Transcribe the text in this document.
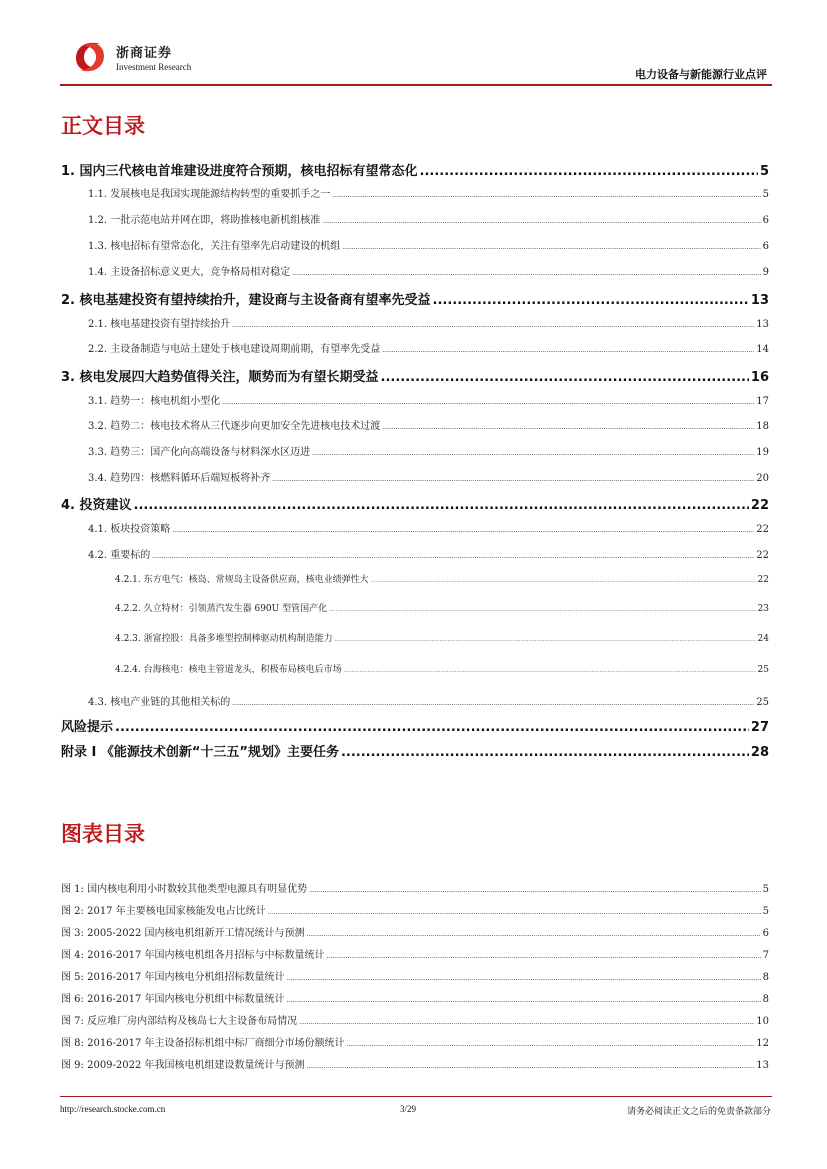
浙商证券
Investment Research
电力设备与新能源行业点评
正文目录
1. 国内三代核电首堆建设进度符合预期，核电招标有望常态化 .....	5
1.1. 发展核电是我国实现能源结构转型的重要抓手之一 .....	5
1.2. 一批示范电站并网在即，将助推核电新机组核准 .....	6
1.3. 核电招标有望常态化，关注有望率先启动建设的机组 .....	6
1.4. 主设备招标意义更大，竞争格局相对稳定 .....	9
2. 核电基建投资有望持续抬升，建设商与主设备商有望率先受益 .....	13
2.1. 核电基建投资有望持续抬升 .....	13
2.2. 主设备制造与电站土建处于核电建设周期前期，有望率先受益 .....	14
3. 核电发展四大趋势值得关注，顺势而为有望长期受益 .....	16
3.1. 趋势一：核电机组小型化 .....	17
3.2. 趋势二：核电技术将从三代逐步向更加安全先进核电技术过渡 .....	18
3.3. 趋势三：国产化向高端设备与材料深水区迈进 .....	19
3.4. 趋势四：核燃料循环后端短板将补齐 .....	20
4. 投资建议 .....	22
4.1. 板块投资策略 .....	22
4.2. 重要标的 .....	22
4.2.1. 东方电气：核岛、常规岛主设备供应商，核电业绩弹性大 .....	22
4.2.2. 久立特材：引领蒸汽发生器 690U 型管国产化 .....	23
4.2.3. 浙富控股：具备多堆型控制棒驱动机构制造能力 .....	24
4.2.4. 台海核电：核电主管道龙头，积极布局核电后市场 .....	25
4.3. 核电产业链的其他相关标的 .....	25
风险提示 .....	27
附录 I 《能源技术创新“十三五”规划》主要任务 .....	28
图表目录
图 1: 国内核电利用小时数较其他类型电源具有明显优势 .....	5
图 2: 2017 年主要核电国家核能发电占比统计 .....	5
图 3: 2005-2022 国内核电机组新开工情况统计与预测 .....	6
图 4: 2016-2017 年国内核电机组各月招标与中标数量统计 .....	7
图 5: 2016-2017 年国内核电分机组招标数量统计 .....	8
图 6: 2016-2017 年国内核电分机组中标数量统计 .....	8
图 7: 反应堆厂房内部结构及核岛七大主设备布局情况 .....	10
图 8: 2016-2017 年主设备招标机组中标厂商细分市场份额统计 .....	12
图 9: 2009-2022 年我国核电机组建设数量统计与预测 .....	13
http://research.stocke.com.cn	3/29	请务必阅读正文之后的免责条款部分
